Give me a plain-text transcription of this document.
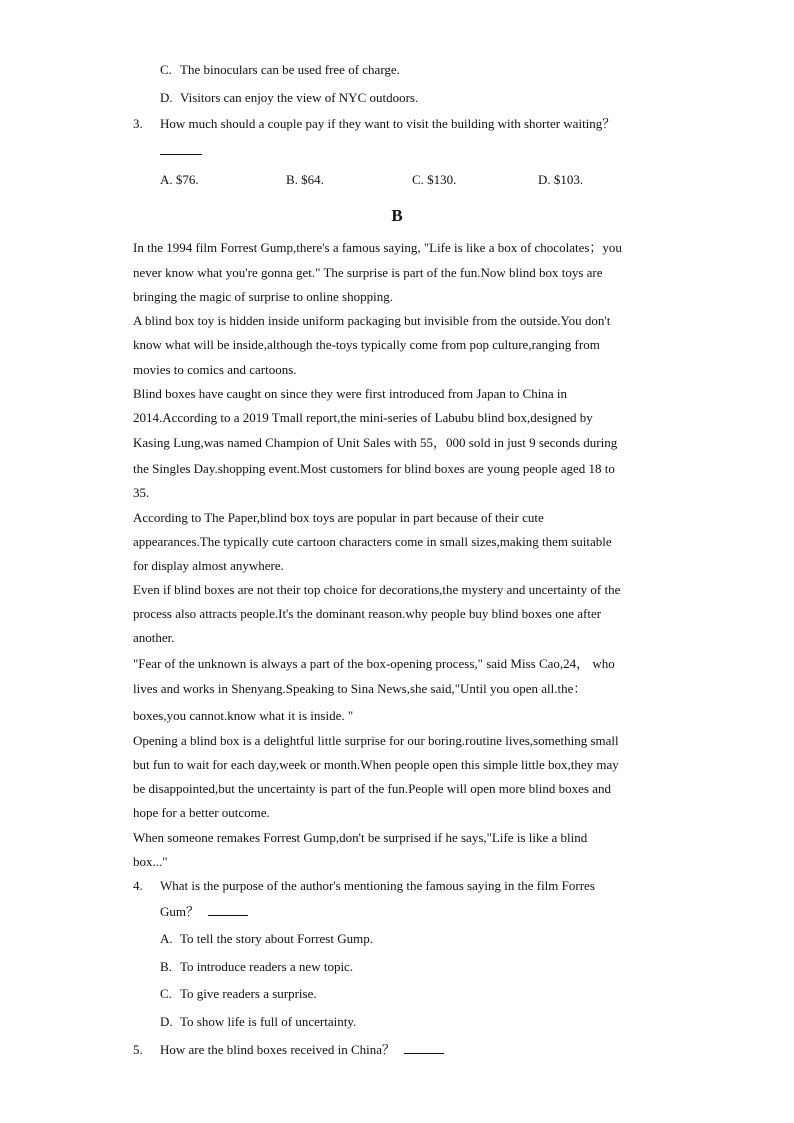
C. The binoculars can be used free of charge.
D. Visitors can enjoy the view of NYC outdoors.
3. How much should a couple pay if they want to visit the building with shorter waiting？
A. $76.	B. $64.	C. $130.	D. $103.
B
In the 1994 film Forrest Gump,there's a famous saying, "Life is like a box of chocolates；you
never know what you're gonna get." The surprise is part of the fun.Now blind box toys are
bringing the magic of surprise to online shopping.
A blind box toy is hidden inside uniform packaging but invisible from the outside.You don't
know what will be inside,although the-toys typically come from pop culture,ranging from
movies to comics and cartoons.
Blind boxes have caught on since they were first introduced from Japan to China in
2014.According to a 2019 Tmall report,the mini-series of Labubu blind box,designed by
Kasing Lung,was named Champion of Unit Sales with 55，000 sold in just 9 seconds during
the Singles Day.shopping event.Most customers for blind boxes are young people aged 18 to
35.
According to The Paper,blind box toys are popular in part because of their cute
appearances.The typically cute cartoon characters come in small sizes,making them suitable
for display almost anywhere.
Even if blind boxes are not their top choice for decorations,the mystery and uncertainty of the
process also attracts people.It's the dominant reason.why people buy blind boxes one after
another.
"Fear of the unknown is always a part of the box-opening process," said Miss Cao,24， who
lives and works in Shenyang.Speaking to Sina News,she said,"Until you open all.the：
boxes,you cannot.know what it is inside. "
Opening a blind box is a delightful little surprise for our boring.routine lives,something small
but fun to wait for each day,week or month.When people open this simple little box,they may
be disappointed,but the uncertainty is part of the fun.People will open more blind boxes and
hope for a better outcome.
When someone remakes Forrest Gump,don't be surprised if he says,"Life is like a blind
box..."
4. What is the purpose of the author's mentioning the famous saying in the film Forres
Gum？
A. To tell the story about Forrest Gump.
B. To introduce readers a new topic.
C. To give readers a surprise.
D. To show life is full of uncertainty.
5. How are the blind boxes received in China？
